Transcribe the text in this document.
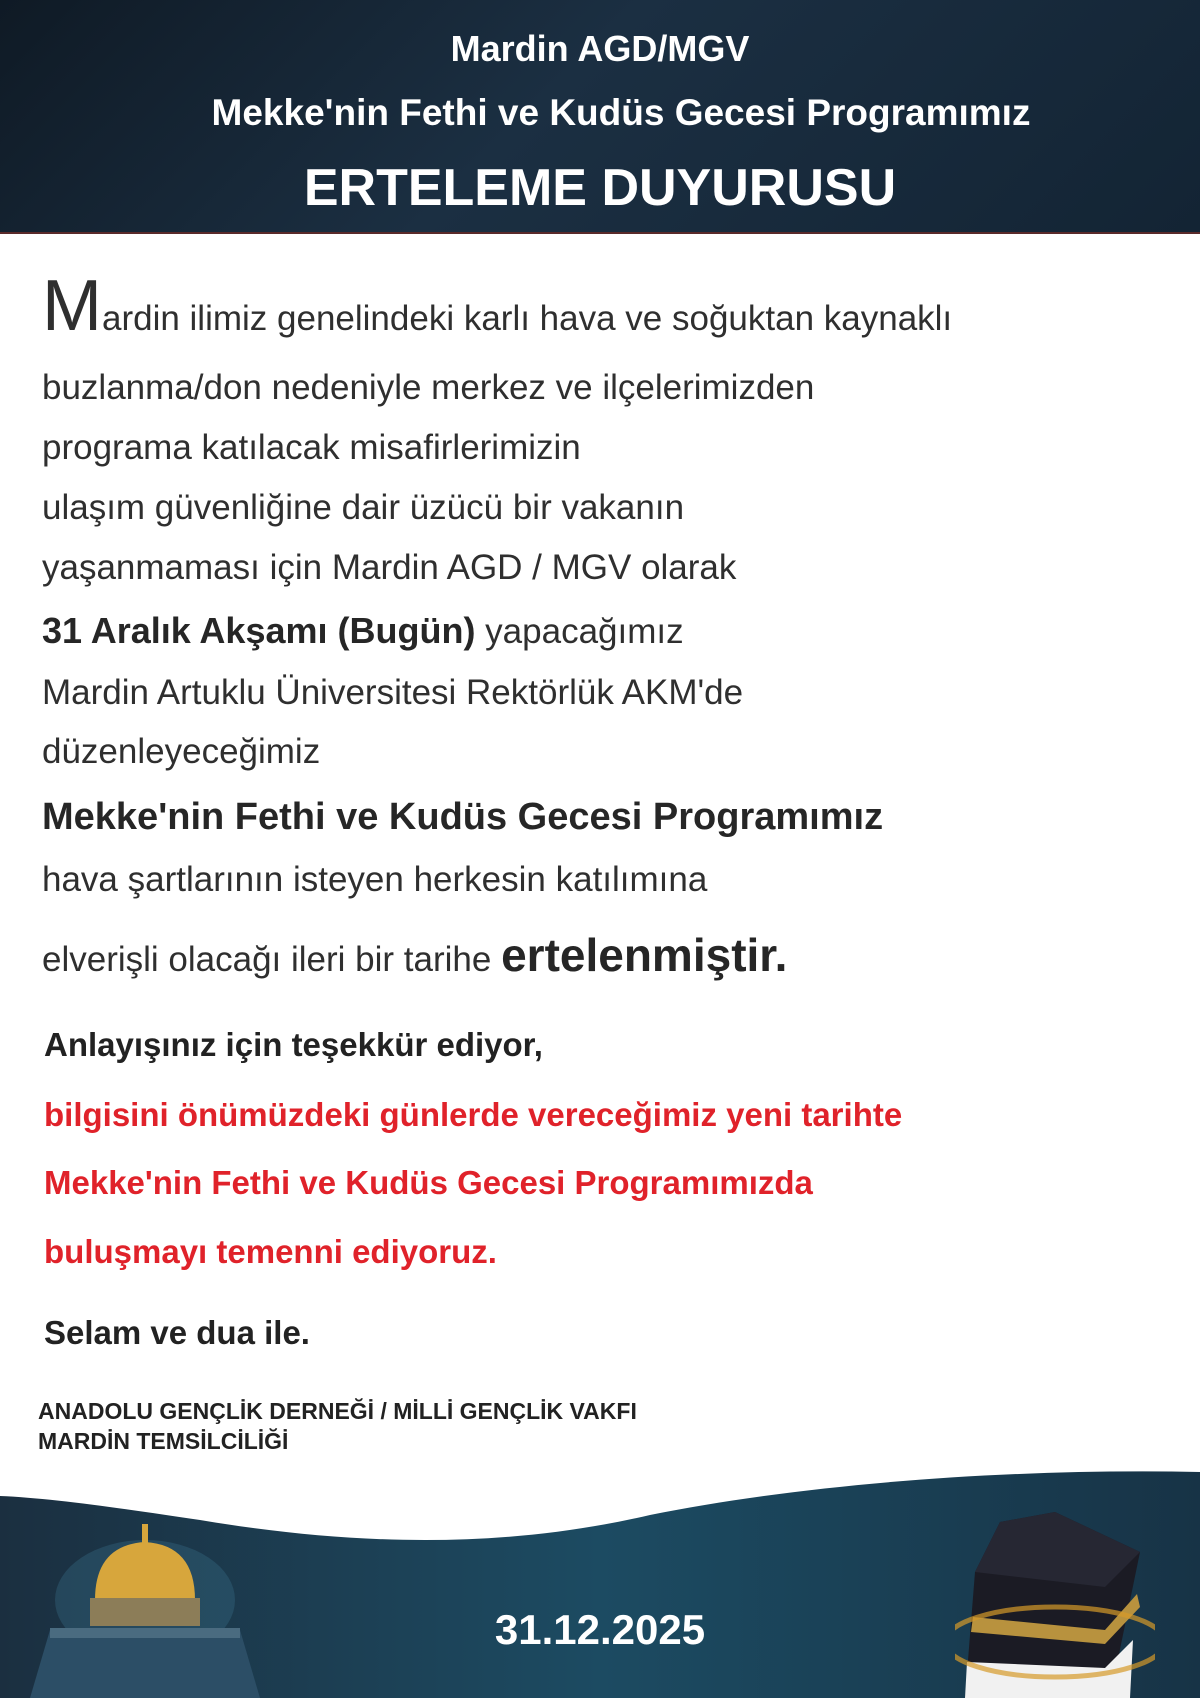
Mardin AGD/MGV
Mekke'nin Fethi ve Kudüs Gecesi Programımız
ERTELEME DUYURUSU
Mardin ilimiz genelindeki karlı hava ve soğuktan kaynaklı
buzlanma/don nedeniyle merkez ve ilçelerimizden
programa katılacak misafirlerimizin
ulaşım güvenliğine dair üzücü bir vakanın
yaşanmaması için Mardin AGD / MGV olarak
31 Aralık Akşamı (Bugün) yapacağımız
Mardin Artuklu Üniversitesi Rektörlük AKM'de
düzenleyeceğimiz
Mekke'nin Fethi ve Kudüs Gecesi Programımız
hava şartlarının isteyen herkesin katılımına
elverişli olacağı ileri bir tarihe ertelenmiştir.
Anlayışınız için teşekkür ediyor,
bilgisini önümüzdeki günlerde vereceğimiz yeni tarihte
Mekke'nin Fethi ve Kudüs Gecesi Programımızda
buluşmayı temenni ediyoruz.
Selam ve dua ile.
ANADOLU GENÇLİK DERNEĞİ / MİLLİ GENÇLİK VAKFI
MARDİN TEMSİLCİLİĞİ
31.12.2025
